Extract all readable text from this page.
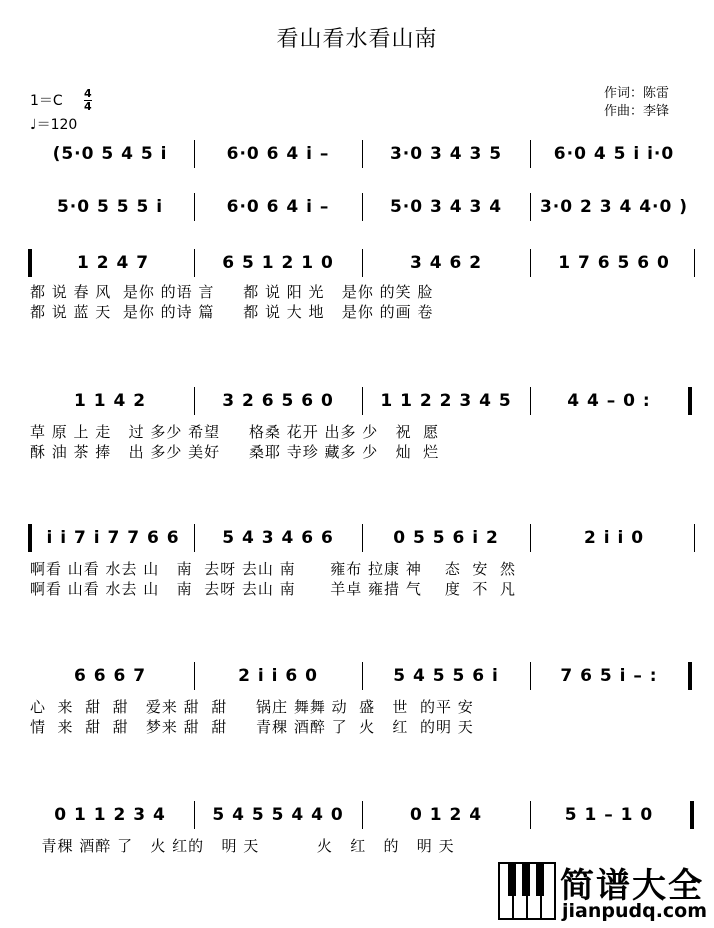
看山看水看山南
1＝C 4
4
♩＝120
作词：陈雷
作曲：李锋
(5·0 5 4 5 i	6·0 6 4 i –	3·0 3 4 3 5	6·0 4 5 i i·0
5·0 5 5 5 i	6·0 6 4 i –	5·0 3 4 3 4	3·0 2 3 4 4·0 )
1 2 4 7	6 5 1 2 1 0	3 4 6 2	1 7 6 5 6 0
都 说 春 风  是你 的语 言     都 说 阳 光   是你 的笑 脸
都 说 蓝 天  是你 的诗 篇     都 说 大 地   是你 的画 卷
1 1 4 2	3 2 6 5 6 0	1 1 2 2 3 4 5	4 4 – 0 :
草 原 上 走   过 多少 希望     格桑 花开 出多 少   祝  愿
酥 油 茶 捧   出 多少 美好     桑耶 寺珍 藏多 少   灿  烂
i i 7 i 7 7 6 6	5 4 3 4 6 6	0 5 5 6 i 2	2 i i 0
啊看 山看 水去 山   南  去呀 去山 南      雍布 拉康 神    态  安  然
啊看 山看 水去 山   南  去呀 去山 南      羊卓 雍措 气    度  不  凡
6 6 6 7	2 i i 6 0	5 4 5 5 6 i	7 6 5 i – :
心  来  甜  甜   爱来 甜  甜     锅庄 舞舞 动  盛   世  的平 安
情  来  甜  甜   梦来 甜  甜     青稞 酒醉 了  火   红  的明 天
0 1 1 2 3 4	5 4 5 5 4 4 0	0 1 2 4	5 1 – 1 0
青稞 酒醉 了   火 红的   明 天          火   红   的   明 天
简谱大全
jianpudq.com
